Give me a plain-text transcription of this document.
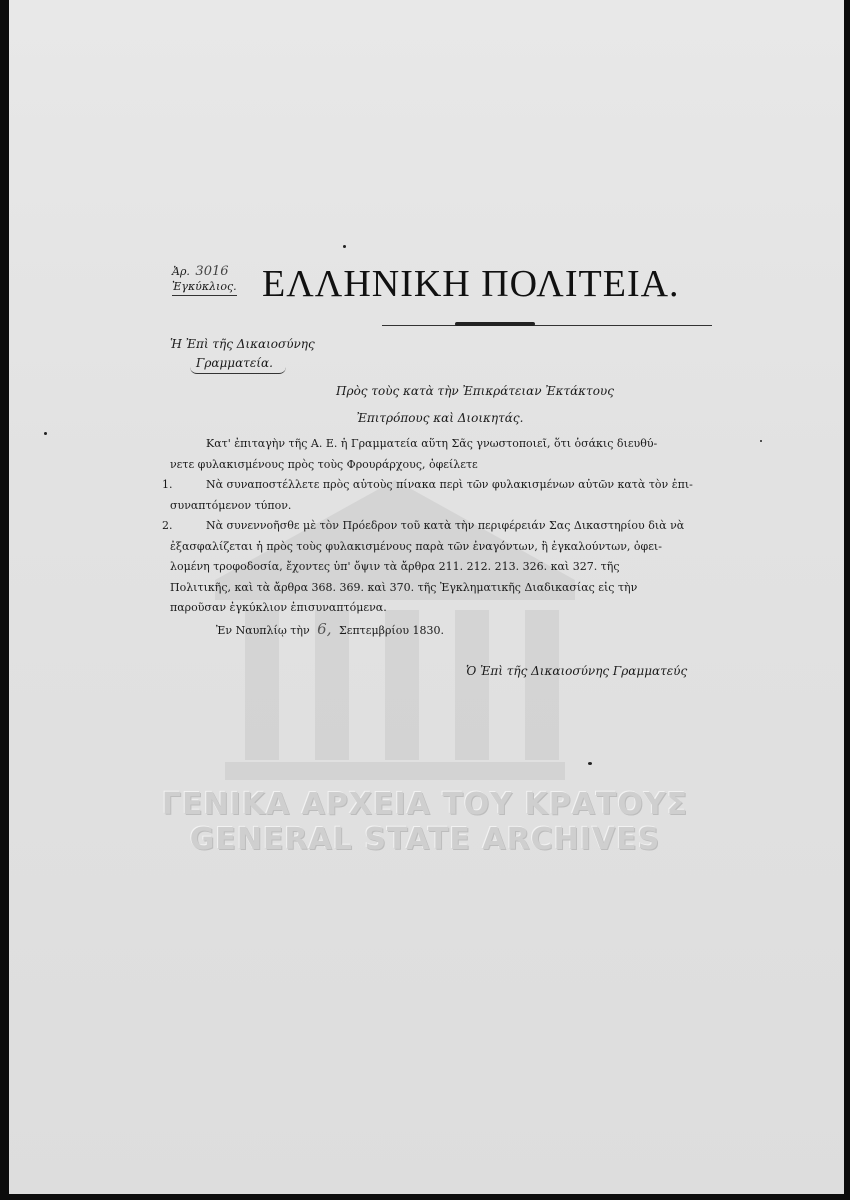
ΓΕΝΙΚΑ ΑΡΧΕΙΑ ΤΟΥ ΚΡΑΤΟΥΣ
GENERAL STATE ARCHIVES
Ἀρ. 3016
Ἐγκύκλιος. ΕΛΛΗΝΙΚΗ ΠΟΛΙΤΕΙΑ.
Ἡ Ἐπὶ τῆς Δικαιοσύνης
Γραμματεία.
Πρὸς τοὺς κατὰ τὴν Ἐπικράτειαν Ἐκτάκτους
Ἐπιτρόπους καὶ Διοικητάς.

Κατ' ἐπιταγὴν τῆς Α. Ε. ἡ Γραμματεία αὕτη Σᾶς γνωστοποιεῖ, ὅτι ὁσάκις διευθύ-

νετε φυλακισμένους πρὸς τοὺς Φρουράρχους, ὀφείλετε

1.	Νὰ συναποστέλλετε πρὸς αὐτοὺς πίνακα περὶ τῶν φυλακισμένων αὐτῶν κατὰ τὸν ἐπι-

συναπτόμενον τύπον.

2.	Νὰ συνεννοῆσθε μὲ τὸν Πρόεδρον τοῦ κατὰ τὴν περιφέρειάν Σας Δικαστηρίου διὰ νὰ

ἐξασφαλίζεται ἡ πρὸς τοὺς φυλακισμένους παρὰ τῶν ἐναγόντων, ἢ ἐγκαλούντων, ὀφει-

λομένη τροφοδοσία, ἔχοντες ὑπ' ὄψιν τὰ ἄρθρα 211. 212. 213. 326. καὶ 327. τῆς

Πολιτικῆς, καὶ τὰ ἄρθρα 368. 369. καὶ 370. τῆς Ἐγκληματικῆς Διαδικασίας εἰς τὴν

παροῦσαν ἐγκύκλιον ἐπισυναπτόμενα.

Ἐν Ναυπλίῳ τὴν 6, Σεπτεμβρίου 1830.

Ὁ Ἐπὶ τῆς Δικαιοσύνης Γραμματεύς
